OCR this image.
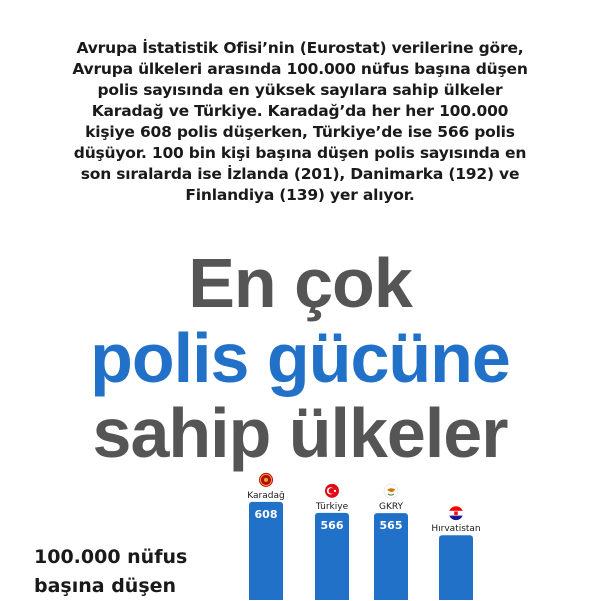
Avrupa İstatistik Ofisi’nin (Eurostat) verilerine göre,
Avrupa ülkeleri arasında 100.000 nüfus başına düşen
polis sayısında en yüksek sayılara sahip ülkeler
Karadağ ve Türkiye. Karadağ’da her her 100.000
kişiye 608 polis düşerken, Türkiye’de ise 566 polis
düşüyor. 100 bin kişi başına düşen polis sayısında en
son sıralarda ise İzlanda (201), Danimarka (192) ve
Finlandiya (139) yer alıyor.
En çok
polis gücüne
sahip ülkeler
100.000 nüfus
başına düşen
608
Karadağ
566
Türkiye
565
GKRY
Hırvatistan
